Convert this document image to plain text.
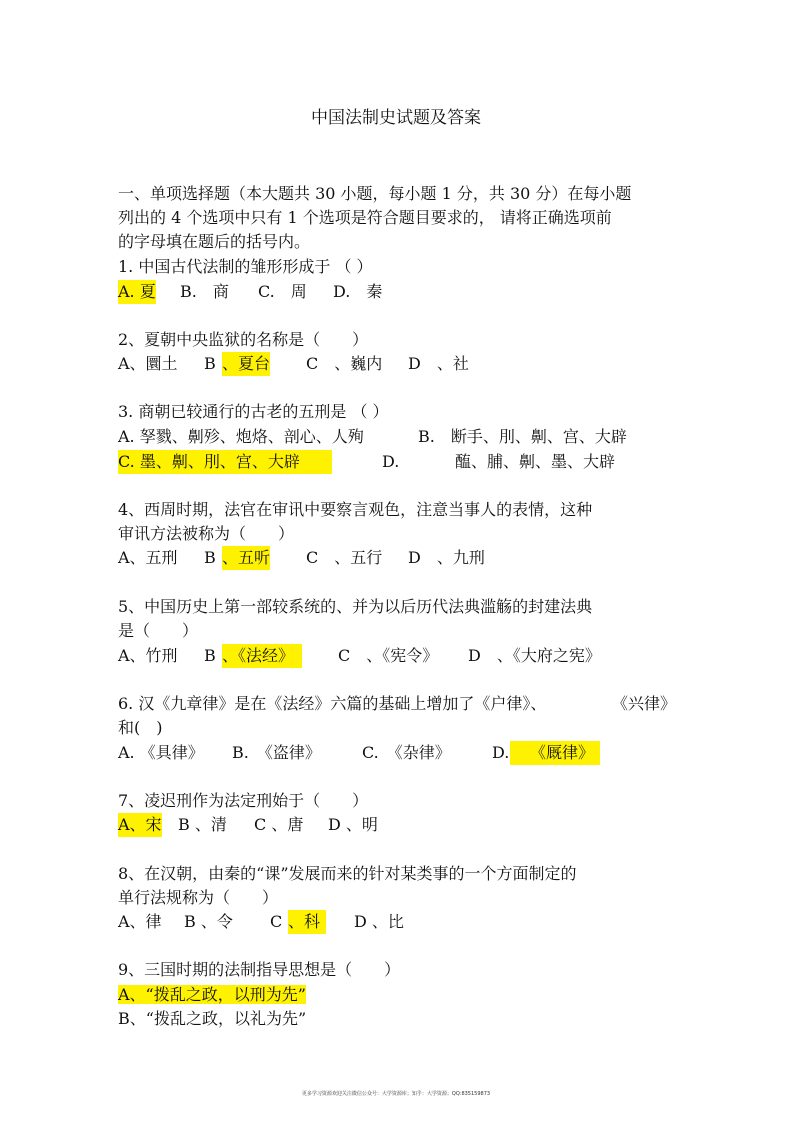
中国法制史试题及答案
一、单项选择题（本大题共 30 小题，每小题 1 分，共 30 分）在每小题
列出的 4 个选项中只有 1 个选项是符合题目要求的， 请将正确选项前
的字母填在题后的括号内。
1. 中国古代法制的雏形形成于 （ ）
A. 夏 B.　商 C.　周 D.　秦
2、夏朝中央监狱的名称是（　　）
A、圜土 B 、夏台 C　、巍内 D　、社
3. 商朝已较通行的古老的五刑是 （ ）
A. 孥戮、劓殄、炮烙、剖心、人殉	B.　断手、刖、劓、宫、大辟
C. 墨、劓、刖、宫、大辟	D.	醢、脯、劓、墨、大辟
4、西周时期，法官在审讯中要察言观色，注意当事人的表情，这种
审讯方法被称为（　　）
A、五刑 B 、五听 C　、五行 D　、九刑
5、中国历史上第一部较系统的、并为以后历代法典滥觞的封建法典
是（　　）
A、竹刑 B 、《法经》	C　、《宪令》 D　、《大府之宪》
6. 汉《九章律》是在《法经》六篇的基础上增加了《户律》、	《兴律》
和(　)
A. 《具律》 B.　《盗律》	C.　《杂律》	D.	《厩律》
7、凌迟刑作为法定刑始于（　　）
A、宋 B 、清 C 、唐 D 、明
8、在汉朝，由秦的“课”发展而来的针对某类事的一个方面制定的
单行法规称为（　　）
A、律 B 、令 C 、科	D 、比
9、三国时期的法制指导思想是（　　）
A、“拨乱之政，以刑为先”
B、“拨乱之政，以礼为先”
更多学习资源欢迎关注微信公众号：大学资源库；知乎：大学资源；QQ:835159873
